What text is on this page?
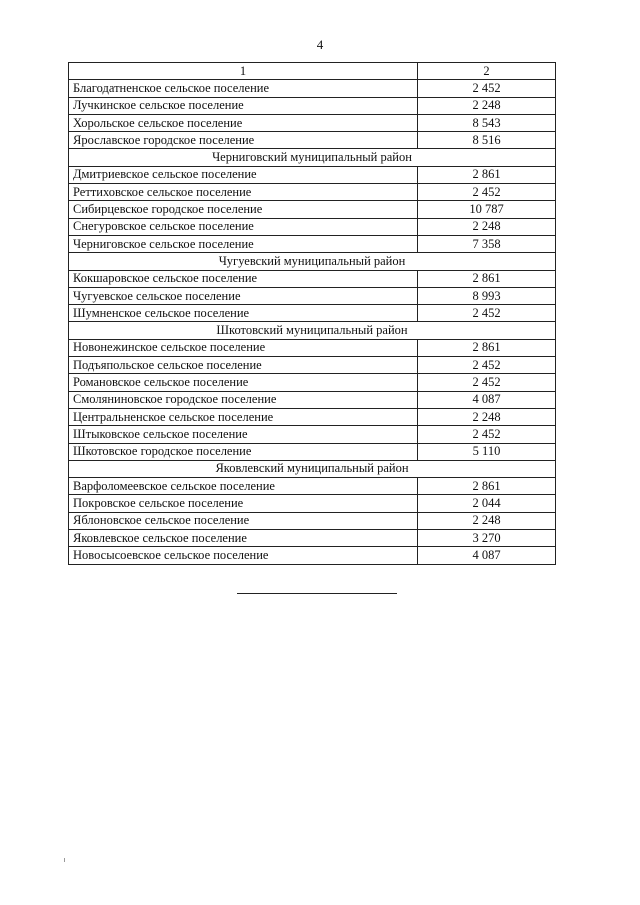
4
1	2
Благодатненское сельское поселение	2 452
Лучкинское сельское поселение	2 248
Хорольское сельское поселение	8 543
Ярославское городское поселение	8 516
Черниговский муниципальный район	
Дмитриевское сельское поселение	2 861
Реттиховское сельское поселение	2 452
Сибирцевское городское поселение	10 787
Снегуровское сельское поселение	2 248
Черниговское сельское поселение	7 358
Чугуевский муниципальный район	
Кокшаровское сельское поселение	2 861
Чугуевское сельское поселение	8 993
Шумненское сельское поселение	2 452
Шкотовский муниципальный район	
Новонежинское сельское поселение	2 861
Подъяпольское сельское поселение	2 452
Романовское сельское поселение	2 452
Смоляниновское городское поселение	4 087
Центральненское сельское поселение	2 248
Штыковское сельское поселение	2 452
Шкотовское городское поселение	5 110
Яковлевский муниципальный район	
Варфоломеевское сельское поселение	2 861
Покровское сельское поселение	2 044
Яблоновское сельское поселение	2 248
Яковлевское сельское поселение	3 270
Новосысоевское сельское поселение	4 087
